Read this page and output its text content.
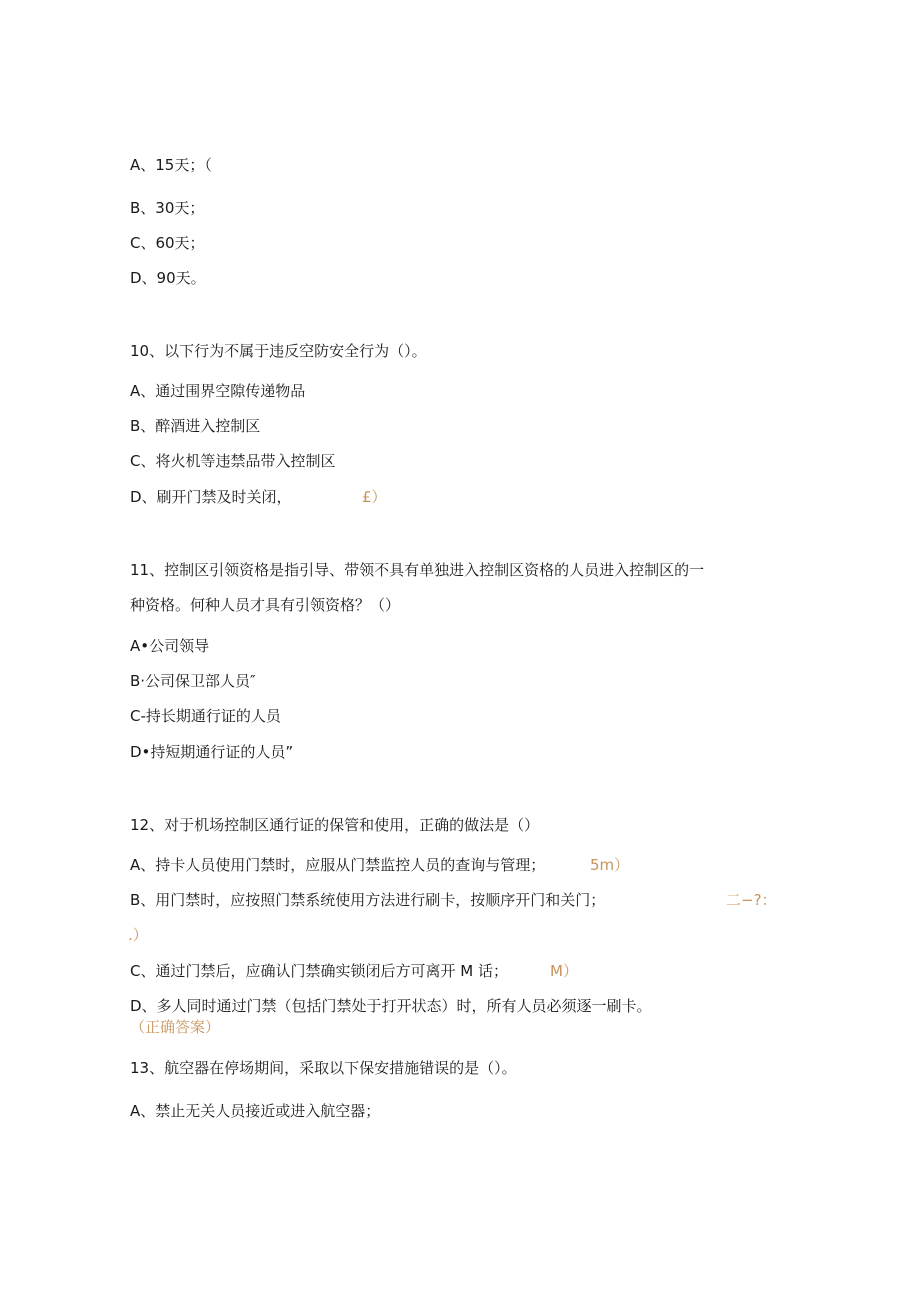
A、15天；（
B、30天；
C、60天；
D、90天。
10、以下行为不属于违反空防安全行为（）。
A、通过围界空隙传递物品
B、醉酒进入控制区
C、将火机等违禁品带入控制区
D、刷开门禁及时关闭，	£）
11、控制区引领资格是指引导、带领不具有单独进入控制区资格的人员进入控制区的一
种资格。何种人员才具有引领资格？（）
A•公司领导
B·公司保卫部人员″
C-持长期通行证的人员
D•持短期通行证的人员”
12、对于机场控制区通行证的保管和使用，正确的做法是（）
A、持卡人员使用门禁时，应服从门禁监控人员的查询与管理；	5m）
B、用门禁时，应按照门禁系统使用方法进行刷卡，按顺序开门和关门；	二−?：
.）
C、通过门禁后，应确认门禁确实锁闭后方可离开 M 话；	M）
D、多人同时通过门禁（包括门禁处于打开状态）时，所有人员必须逐一刷卡。
（正确答案）
13、航空器在停场期间，采取以下保安措施错误的是（）。
A、禁止无关人员接近或进入航空器；
